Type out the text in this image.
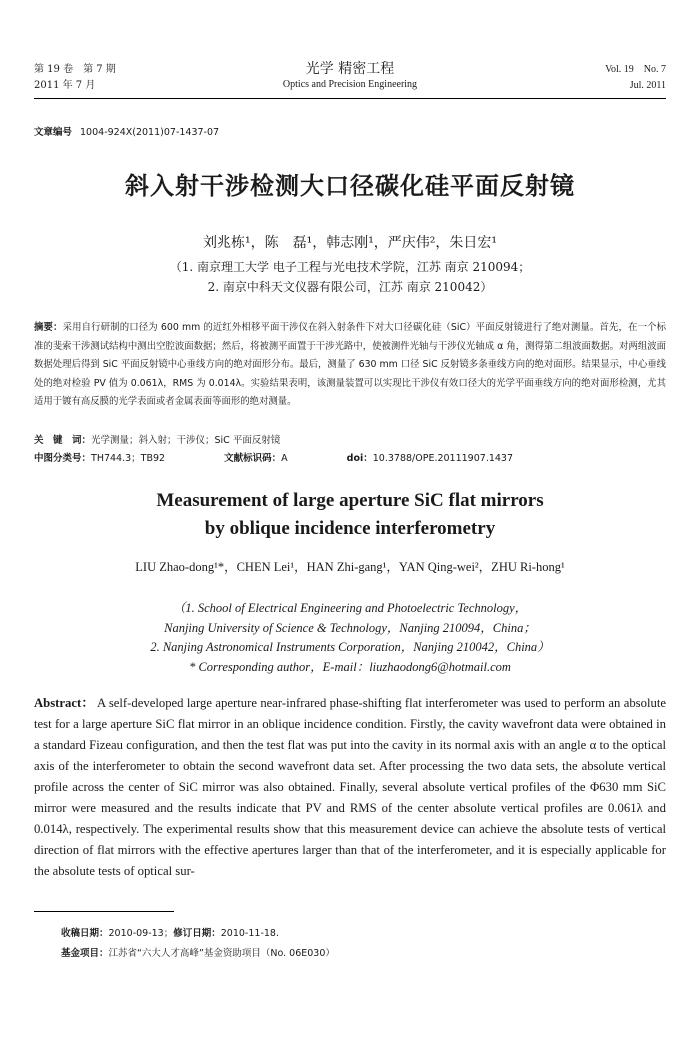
第 19 卷　第 7 期
2011 年 7 月
光学 精密工程
Optics and Precision Engineering
Vol. 19　No. 7
Jul. 2011
文章编号 1004-924X(2011)07-1437-07
斜入射干涉检测大口径碳化硅平面反射镜
刘兆栋¹，陈　磊¹，韩志刚¹，严庆伟²，朱日宏¹
（1. 南京理工大学 电子工程与光电技术学院，江苏 南京 210094；
2. 南京中科天文仪器有限公司，江苏 南京 210042）
摘要：采用自行研制的口径为 600 mm 的近红外相移平面干涉仪在斜入射条件下对大口径碳化硅（SiC）平面反射镜进行了绝对测量。首先，在一个标准的斐索干涉测试结构中测出空腔波面数据；然后，将被测平面置于干涉光路中，使被测件光轴与干涉仪光轴成 α 角，测得第二组波面数据。对两组波面数据处理后得到 SiC 平面反射镜中心垂线方向的绝对面形分布。最后，测量了 630 mm 口径 SiC 反射镜多条垂线方向的绝对面形。结果显示，中心垂线处的绝对检验 PV 值为 0.061λ，RMS 为 0.014λ。实验结果表明，该测量装置可以实现比干涉仪有效口径大的光学平面垂线方向的绝对面形检测，尤其适用于镀有高反膜的光学表面或者金属表面等面形的绝对测量。
关　键　词：光学测量；斜入射；干涉仪；SiC 平面反射镜
中图分类号：TH744.3；TB92	文献标识码：A	doi：10.3788/OPE.20111907.1437
Measurement of large aperture SiC flat mirrors
by oblique incidence interferometry
LIU Zhao-dong¹*，CHEN Lei¹，HAN Zhi-gang¹，YAN Qing-wei²，ZHU Ri-hong¹
（1. School of Electrical Engineering and Photoelectric Technology，
Nanjing University of Science & Technology，Nanjing 210094，China；
2. Nanjing Astronomical Instruments Corporation，Nanjing 210042，China）
* Corresponding author，E-mail：liuzhaodong6@hotmail.com
Abstract： A self-developed large aperture near-infrared phase-shifting flat interferometer was used to perform an absolute test for a large aperture SiC flat mirror in an oblique incidence condition. Firstly, the cavity wavefront data were obtained in a standard Fizeau configuration, and then the test flat was put into the cavity in its normal axis with an angle α to the optical axis of the interferometer to obtain the second wavefront data set. After processing the two data sets, the absolute vertical profile across the center of SiC mirror was also obtained. Finally, several absolute vertical profiles of the Φ630 mm SiC mirror were measured and the results indicate that PV and RMS of the center absolute vertical profiles are 0.061λ and 0.014λ, respectively. The experimental results show that this measurement device can achieve the absolute tests of vertical direction of flat mirrors with the effective apertures larger than that of the interferometer, and it is especially applicable for the absolute tests of optical sur-
收稿日期：2010-09-13；修订日期：2010-11-18.
基金项目：江苏省“六大人才高峰”基金资助项目（No. 06E030）
